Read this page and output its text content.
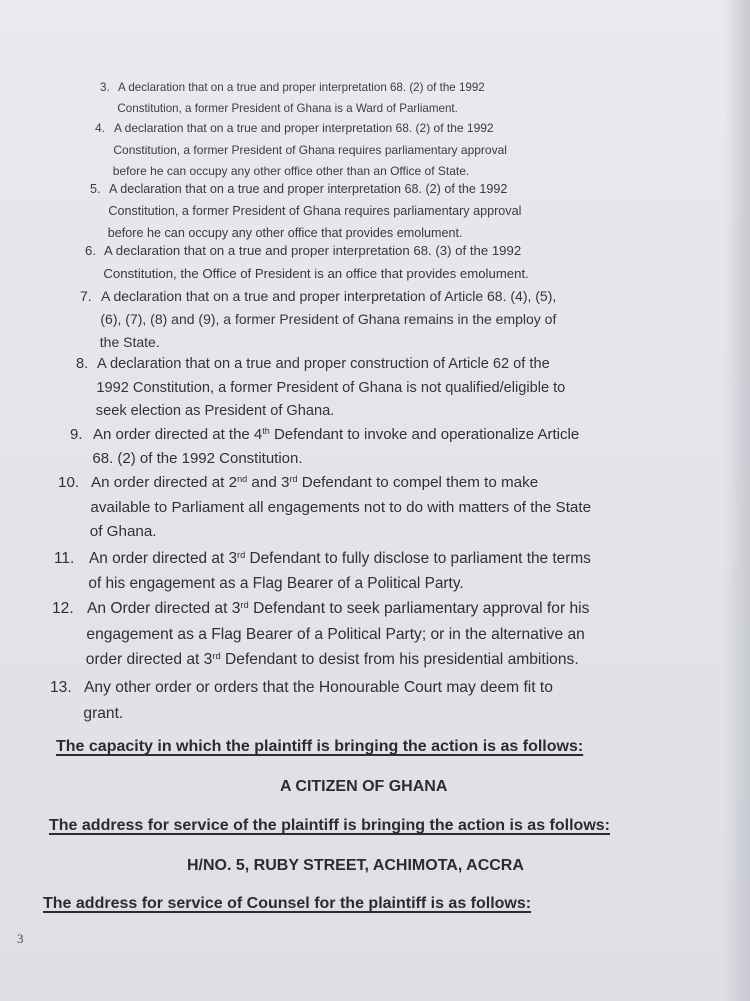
3. A declaration that on a true and proper interpretation 68. (2) of the 1992
Constitution, a former President of Ghana is a Ward of Parliament.
4. A declaration that on a true and proper interpretation 68. (2) of the 1992
Constitution, a former President of Ghana requires parliamentary approval
before he can occupy any other office other than an Office of State.
5. A declaration that on a true and proper interpretation 68. (2) of the 1992
Constitution, a former President of Ghana requires parliamentary approval
before he can occupy any other office that provides emolument.
6. A declaration that on a true and proper interpretation 68. (3) of the 1992
Constitution, the Office of President is an office that provides emolument.
7. A declaration that on a true and proper interpretation of Article 68. (4), (5),
(6), (7), (8) and (9), a former President of Ghana remains in the employ of
the State.
8. A declaration that on a true and proper construction of Article 62 of the
1992 Constitution, a former President of Ghana is not qualified/eligible to
seek election as President of Ghana.
9. An order directed at the 4th Defendant to invoke and operationalize Article
68. (2) of the 1992 Constitution.
10. An order directed at 2nd and 3rd Defendant to compel them to make
available to Parliament all engagements not to do with matters of the State
of Ghana.
11. An order directed at 3rd Defendant to fully disclose to parliament the terms
of his engagement as a Flag Bearer of a Political Party.
12. An Order directed at 3rd Defendant to seek parliamentary approval for his
engagement as a Flag Bearer of a Political Party; or in the alternative an
order directed at 3rd Defendant to desist from his presidential ambitions.
13. Any other order or orders that the Honourable Court may deem fit to
grant.
The capacity in which the plaintiff is bringing the action is as follows:
A CITIZEN OF GHANA
The address for service of the plaintiff is bringing the action is as follows:
H/NO. 5, RUBY STREET, ACHIMOTA, ACCRA
The address for service of Counsel for the plaintiff is as follows:
3
